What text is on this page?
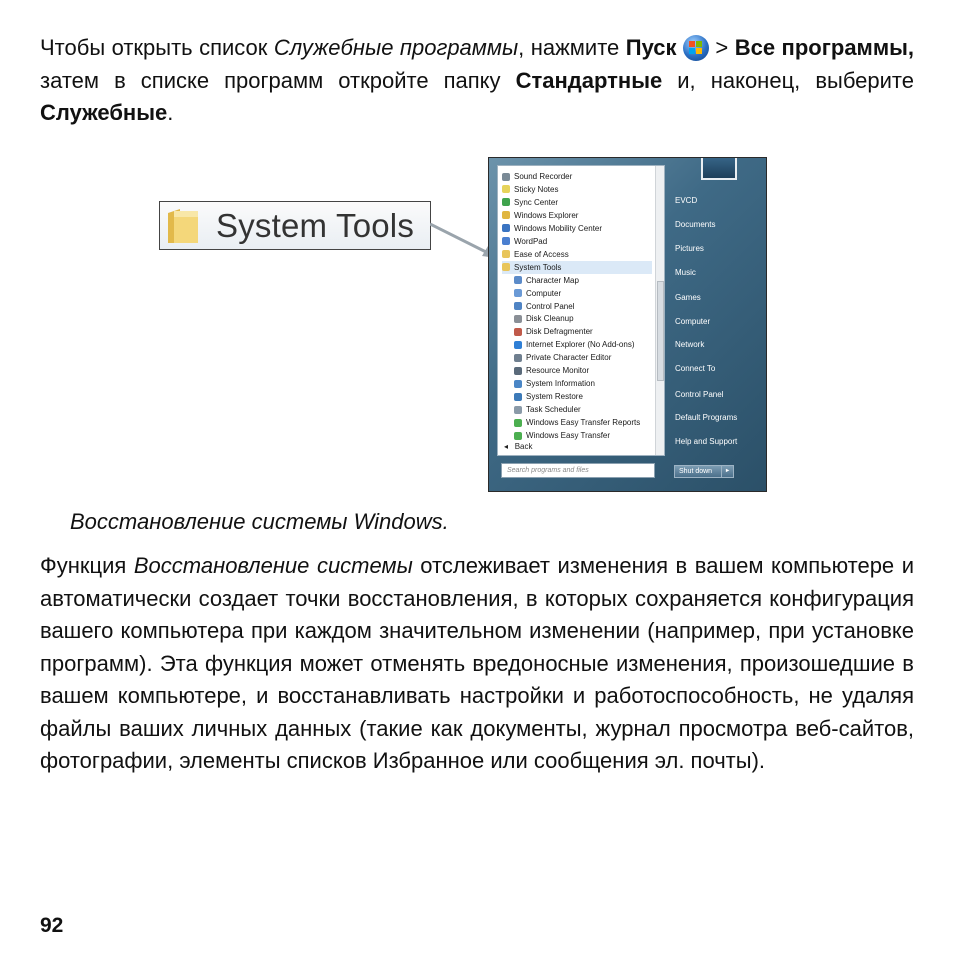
Чтобы открыть список Служебные программы, нажмите Пуск
> Все программы, затем в списке программ откройте папку Стандартные и, наконец, выберите Служебные.
System Tools
Sound Recorder
Sticky Notes
Sync Center
Windows Explorer
Windows Mobility Center
WordPad
Ease of Access
System Tools
Character Map
Computer
Control Panel
Disk Cleanup
Disk Defragmenter
Internet Explorer (No Add-ons)
Private Character Editor
Resource Monitor
System Information
System Restore
Task Scheduler
Windows Easy Transfer Reports
Windows Easy Transfer
◂ Back
Search programs and files
EVCD
Documents
Pictures
Music
Games
Computer
Network
Connect To
Control Panel
Default Programs
Help and Support
Shut down	▸
Восстановление системы Windows.
Функция Восстановление системы отслеживает изменения в вашем компьютере и автоматически создает точки восстановления, в которых сохраняется конфигурация вашего компьютера при каждом значительном изменении (например, при установке программ). Эта функция может отменять вредоносные изменения, произошедшие в вашем компьютере, и восстанавливать настройки и работоспособность, не удаляя файлы ваших личных данных (такие как документы, журнал просмотра веб-сайтов, фотографии, элементы списков Избранное или сообщения эл. почты).
92
